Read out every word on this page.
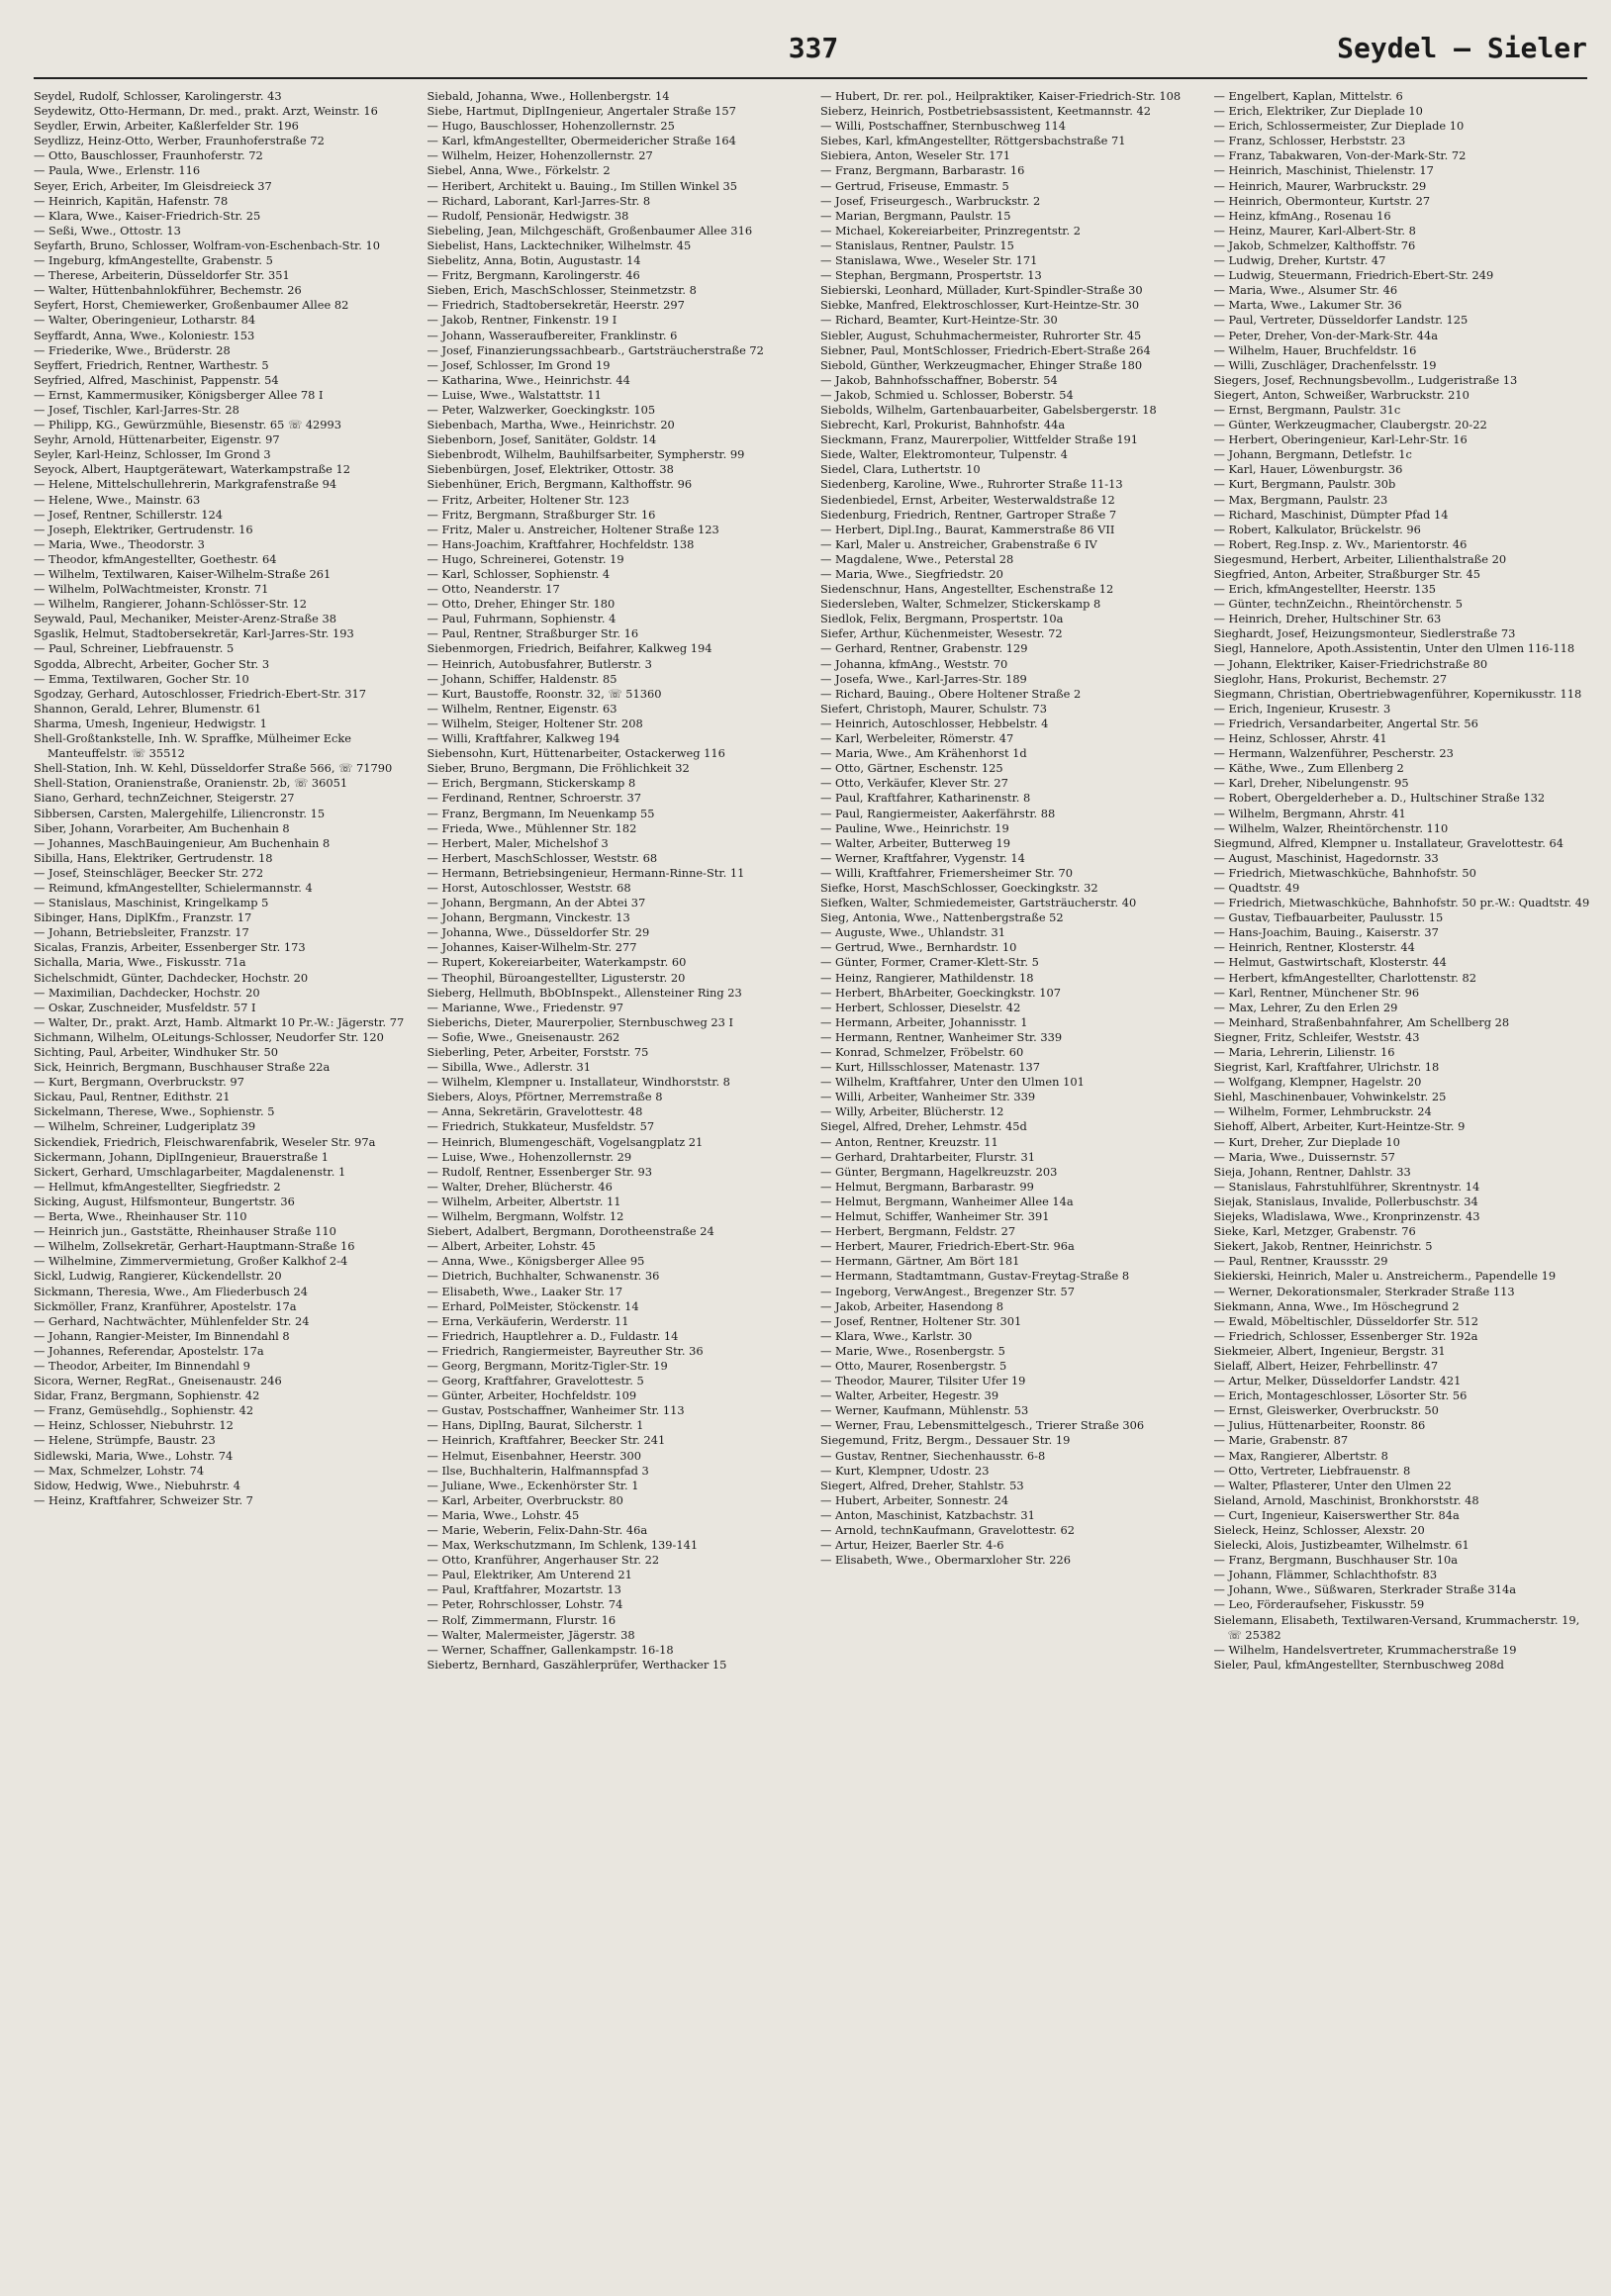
337	Seydel — Sieler
Seydel, Rudolf, Schlosser, Karolingerstr. 43
Seydewitz, Otto-Hermann, Dr. med., prakt. Arzt, Weinstr. 16
Seydler, Erwin, Arbeiter, Kaßlerfelder Str. 196
Seydlizz, Heinz-Otto, Werber, Fraunhoferstraße 72
— Otto, Bauschlosser, Fraunhoferstr. 72
— Paula, Wwe., Erlenstr. 116
Seyer, Erich, Arbeiter, Im Gleisdreieck 37
— Heinrich, Kapitän, Hafenstr. 78
— Klara, Wwe., Kaiser-Friedrich-Str. 25
— Seßi, Wwe., Ottostr. 13
Seyfarth, Bruno, Schlosser, Wolfram-von-Eschenbach-Str. 10
— Ingeburg, kfmAngestellte, Grabenstr. 5
— Therese, Arbeiterin, Düsseldorfer Str. 351
— Walter, Hüttenbahnlokführer, Bechemstr. 26
Seyfert, Horst, Chemiewerker, Großenbaumer Allee 82
— Walter, Oberingenieur, Lotharstr. 84
Seyffardt, Anna, Wwe., Koloniestr. 153
— Friederike, Wwe., Brüderstr. 28
Seyffert, Friedrich, Rentner, Warthestr. 5
Seyfried, Alfred, Maschinist, Pappenstr. 54
— Ernst, Kammermusiker, Königsberger Allee 78 I
— Josef, Tischler, Karl-Jarres-Str. 28
— Philipp, KG., Gewürzmühle, Biesenstr. 65 ☏ 42993
Seyhr, Arnold, Hüttenarbeiter, Eigenstr. 97
Seyler, Karl-Heinz, Schlosser, Im Grond 3
Seyock, Albert, Hauptgerätewart, Waterkampstraße 12
— Helene, Mittelschullehrerin, Markgrafenstraße 94
— Helene, Wwe., Mainstr. 63
— Josef, Rentner, Schillerstr. 124
— Joseph, Elektriker, Gertrudenstr. 16
— Maria, Wwe., Theodorstr. 3
— Theodor, kfmAngestellter, Goethestr. 64
— Wilhelm, Textilwaren, Kaiser-Wilhelm-Straße 261
— Wilhelm, PolWachtmeister, Kronstr. 71
— Wilhelm, Rangierer, Johann-Schlösser-Str. 12
Seywald, Paul, Mechaniker, Meister-Arenz-Straße 38
Sgaslik, Helmut, Stadtobersekretär, Karl-Jarres-Str. 193
— Paul, Schreiner, Liebfrauenstr. 5
Sgodda, Albrecht, Arbeiter, Gocher Str. 3
— Emma, Textilwaren, Gocher Str. 10
Sgodzay, Gerhard, Autoschlosser, Friedrich-Ebert-Str. 317
Shannon, Gerald, Lehrer, Blumenstr. 61
Sharma, Umesh, Ingenieur, Hedwigstr. 1
Shell-Großtankstelle, Inh. W. Spraffke, Mülheimer Ecke Manteuffelstr. ☏ 35512
Shell-Station, Inh. W. Kehl, Düsseldorfer Straße 566, ☏ 71790
Shell-Station, Oranienstraße, Oranienstr. 2b, ☏ 36051
Siano, Gerhard, technZeichner, Steigerstr. 27
Sibbersen, Carsten, Malergehilfe, Liliencronstr. 15
Siber, Johann, Vorarbeiter, Am Buchenhain 8
— Johannes, MaschBauingenieur, Am Buchenhain 8
Sibilla, Hans, Elektriker, Gertrudenstr. 18
— Josef, Steinschläger, Beecker Str. 272
— Reimund, kfmAngestellter, Schielermannstr. 4
— Stanislaus, Maschinist, Kringelkamp 5
Sibinger, Hans, DiplKfm., Franzstr. 17
— Johann, Betriebsleiter, Franzstr. 17
Sicalas, Franzis, Arbeiter, Essenberger Str. 173
Sichalla, Maria, Wwe., Fiskusstr. 71a
Sichelschmidt, Günter, Dachdecker, Hochstr. 20
— Maximilian, Dachdecker, Hochstr. 20
— Oskar, Zuschneider, Musfeldstr. 57 I
— Walter, Dr., prakt. Arzt, Hamb. Altmarkt 10 Pr.-W.: Jägerstr. 77
Sichmann, Wilhelm, OLeitungs-Schlosser, Neudorfer Str. 120
Sichting, Paul, Arbeiter, Windhuker Str. 50
Sick, Heinrich, Bergmann, Buschhauser Straße 22a
— Kurt, Bergmann, Overbruckstr. 97
Sickau, Paul, Rentner, Edithstr. 21
Sickelmann, Therese, Wwe., Sophienstr. 5
— Wilhelm, Schreiner, Ludgeriplatz 39
Sickendiek, Friedrich, Fleischwarenfabrik, Weseler Str. 97a
Sickermann, Johann, DiplIngenieur, Brauerstraße 1
Sickert, Gerhard, Umschlagarbeiter, Magdalenenstr. 1
— Hellmut, kfmAngestellter, Siegfriedstr. 2
Sicking, August, Hilfsmonteur, Bungertstr. 36
— Berta, Wwe., Rheinhauser Str. 110
— Heinrich jun., Gaststätte, Rheinhauser Straße 110
— Wilhelm, Zollsekretär, Gerhart-Hauptmann-Straße 16
— Wilhelmine, Zimmervermietung, Großer Kalkhof 2-4
Sickl, Ludwig, Rangierer, Kückendellstr. 20
Sickmann, Theresia, Wwe., Am Fliederbusch 24
Sickmöller, Franz, Kranführer, Apostelstr. 17a
— Gerhard, Nachtwächter, Mühlenfelder Str. 24
— Johann, Rangier-Meister, Im Binnendahl 8
— Johannes, Referendar, Apostelstr. 17a
— Theodor, Arbeiter, Im Binnendahl 9
Sicora, Werner, RegRat., Gneisenaustr. 246
Sidar, Franz, Bergmann, Sophienstr. 42
— Franz, Gemüsehdlg., Sophienstr. 42
— Heinz, Schlosser, Niebuhrstr. 12
— Helene, Strümpfe, Baustr. 23
Sidlewski, Maria, Wwe., Lohstr. 74
— Max, Schmelzer, Lohstr. 74
Sidow, Hedwig, Wwe., Niebuhrstr. 4
— Heinz, Kraftfahrer, Schweizer Str. 7
Siebald, Johanna, Wwe., Hollenbergstr. 14
Siebe, Hartmut, DiplIngenieur, Angertaler Straße 157
— Hugo, Bauschlosser, Hohenzollernstr. 25
— Karl, kfmAngestellter, Obermeidericher Straße 164
— Wilhelm, Heizer, Hohenzollernstr. 27
Siebel, Anna, Wwe., Förkelstr. 2
— Heribert, Architekt u. Bauing., Im Stillen Winkel 35
— Richard, Laborant, Karl-Jarres-Str. 8
— Rudolf, Pensionär, Hedwigstr. 38
Siebeling, Jean, Milchgeschäft, Großenbaumer Allee 316
Siebelist, Hans, Lacktechniker, Wilhelmstr. 45
Siebelitz, Anna, Botin, Augustastr. 14
— Fritz, Bergmann, Karolingerstr. 46
Sieben, Erich, MaschSchlosser, Steinmetzstr. 8
— Friedrich, Stadtobersekretär, Heerstr. 297
— Jakob, Rentner, Finkenstr. 19 I
— Johann, Wasseraufbereiter, Franklinstr. 6
— Josef, Finanzierungssachbearb., Gartsträucherstraße 72
— Josef, Schlosser, Im Grond 19
— Katharina, Wwe., Heinrichstr. 44
— Luise, Wwe., Walstattstr. 11
— Peter, Walzwerker, Goeckingkstr. 105
Siebenbach, Martha, Wwe., Heinrichstr. 20
Siebenborn, Josef, Sanitäter, Goldstr. 14
Siebenbrodt, Wilhelm, Bauhilfsarbeiter, Sympherstr. 99
Siebenbürgen, Josef, Elektriker, Ottostr. 38
Siebenhüner, Erich, Bergmann, Kalthoffstr. 96
— Fritz, Arbeiter, Holtener Str. 123
— Fritz, Bergmann, Straßburger Str. 16
— Fritz, Maler u. Anstreicher, Holtener Straße 123
— Hans-Joachim, Kraftfahrer, Hochfeldstr. 138
— Hugo, Schreinerei, Gotenstr. 19
— Karl, Schlosser, Sophienstr. 4
— Otto, Neanderstr. 17
— Otto, Dreher, Ehinger Str. 180
— Paul, Fuhrmann, Sophienstr. 4
— Paul, Rentner, Straßburger Str. 16
Siebenmorgen, Friedrich, Beifahrer, Kalkweg 194
— Heinrich, Autobusfahrer, Butlerstr. 3
— Johann, Schiffer, Haldenstr. 85
— Kurt, Baustoffe, Roonstr. 32, ☏ 51360
— Wilhelm, Rentner, Eigenstr. 63
— Wilhelm, Steiger, Holtener Str. 208
— Willi, Kraftfahrer, Kalkweg 194
Siebensohn, Kurt, Hüttenarbeiter, Ostackerweg 116
Sieber, Bruno, Bergmann, Die Fröhlichkeit 32
— Erich, Bergmann, Stickerskamp 8
— Ferdinand, Rentner, Schroerstr. 37
— Franz, Bergmann, Im Neuenkamp 55
— Frieda, Wwe., Mühlenner Str. 182
— Herbert, Maler, Michelshof 3
— Herbert, MaschSchlosser, Weststr. 68
— Hermann, Betriebsingenieur, Hermann-Rinne-Str. 11
— Horst, Autoschlosser, Weststr. 68
— Johann, Bergmann, An der Abtei 37
— Johann, Bergmann, Vinckestr. 13
— Johanna, Wwe., Düsseldorfer Str. 29
— Johannes, Kaiser-Wilhelm-Str. 277
— Rupert, Kokereiarbeiter, Waterkampstr. 60
— Theophil, Büroangestellter, Ligusterstr. 20
Sieberg, Hellmuth, BbObInspekt., Allensteiner Ring 23
— Marianne, Wwe., Friedenstr. 97
Sieberichs, Dieter, Maurerpolier, Sternbuschweg 23 I
— Sofie, Wwe., Gneisenaustr. 262
Sieberling, Peter, Arbeiter, Forststr. 75
— Sibilla, Wwe., Adlerstr. 31
— Wilhelm, Klempner u. Installateur, Windhorststr. 8
Siebers, Aloys, Pförtner, Merremstraße 8
— Anna, Sekretärin, Gravelottestr. 48
— Friedrich, Stukkateur, Musfeldstr. 57
— Heinrich, Blumengeschäft, Vogelsangplatz 21
— Luise, Wwe., Hohenzollernstr. 29
— Rudolf, Rentner, Essenberger Str. 93
— Walter, Dreher, Blücherstr. 46
— Wilhelm, Arbeiter, Albertstr. 11
— Wilhelm, Bergmann, Wolfstr. 12
Siebert, Adalbert, Bergmann, Dorotheenstraße 24
— Albert, Arbeiter, Lohstr. 45
— Anna, Wwe., Königsberger Allee 95
— Dietrich, Buchhalter, Schwanenstr. 36
— Elisabeth, Wwe., Laaker Str. 17
— Erhard, PolMeister, Stöckenstr. 14
— Erna, Verkäuferin, Werderstr. 11
— Friedrich, Hauptlehrer a. D., Fuldastr. 14
— Friedrich, Rangiermeister, Bayreuther Str. 36
— Georg, Bergmann, Moritz-Tigler-Str. 19
— Georg, Kraftfahrer, Gravelottestr. 5
— Günter, Arbeiter, Hochfeldstr. 109
— Gustav, Postschaffner, Wanheimer Str. 113
— Hans, DiplIng, Baurat, Silcherstr. 1
— Heinrich, Kraftfahrer, Beecker Str. 241
— Helmut, Eisenbahner, Heerstr. 300
— Ilse, Buchhalterin, Halfmannspfad 3
— Juliane, Wwe., Eckenhörster Str. 1
— Karl, Arbeiter, Overbruckstr. 80
— Maria, Wwe., Lohstr. 45
— Marie, Weberin, Felix-Dahn-Str. 46a
— Max, Werkschutzmann, Im Schlenk, 139-141
— Otto, Kranführer, Angerhauser Str. 22
— Paul, Elektriker, Am Unterend 21
— Paul, Kraftfahrer, Mozartstr. 13
— Peter, Rohrschlosser, Lohstr. 74
— Rolf, Zimmermann, Flurstr. 16
— Walter, Malermeister, Jägerstr. 38
— Werner, Schaffner, Gallenkampstr. 16-18
Siebertz, Bernhard, Gaszählerprüfer, Werthacker 15
— Hubert, Dr. rer. pol., Heilpraktiker, Kaiser-Friedrich-Str. 108
Sieberz, Heinrich, Postbetriebsassistent, Keetmannstr. 42
— Willi, Postschaffner, Sternbuschweg 114
Siebes, Karl, kfmAngestellter, Röttgersbachstraße 71
Siebiera, Anton, Weseler Str. 171
— Franz, Bergmann, Barbarastr. 16
— Gertrud, Friseuse, Emmastr. 5
— Josef, Friseurgesch., Warbruckstr. 2
— Marian, Bergmann, Paulstr. 15
— Michael, Kokereiarbeiter, Prinzregentstr. 2
— Stanislaus, Rentner, Paulstr. 15
— Stanislawa, Wwe., Weseler Str. 171
— Stephan, Bergmann, Prospertstr. 13
Siebierski, Leonhard, Müllader, Kurt-Spindler-Straße 30
Siebke, Manfred, Elektroschlosser, Kurt-Heintze-Str. 30
— Richard, Beamter, Kurt-Heintze-Str. 30
Siebler, August, Schuhmachermeister, Ruhrorter Str. 45
Siebner, Paul, MontSchlosser, Friedrich-Ebert-Straße 264
Siebold, Günther, Werkzeugmacher, Ehinger Straße 180
— Jakob, Bahnhofsschaffner, Boberstr. 54
— Jakob, Schmied u. Schlosser, Boberstr. 54
Siebolds, Wilhelm, Gartenbauarbeiter, Gabelsbergerstr. 18
Siebrecht, Karl, Prokurist, Bahnhofstr. 44a
Sieckmann, Franz, Maurerpolier, Wittfelder Straße 191
Siede, Walter, Elektromonteur, Tulpenstr. 4
Siedel, Clara, Luthertstr. 10
Siedenberg, Karoline, Wwe., Ruhrorter Straße 11-13
Siedenbiedel, Ernst, Arbeiter, Westerwaldstraße 12
Siedenburg, Friedrich, Rentner, Gartroper Straße 7
— Herbert, Dipl.Ing., Baurat, Kammerstraße 86 VII
— Karl, Maler u. Anstreicher, Grabenstraße 6 IV
— Magdalene, Wwe., Peterstal 28
— Maria, Wwe., Siegfriedstr. 20
Siedenschnur, Hans, Angestellter, Eschenstraße 12
Siedersleben, Walter, Schmelzer, Stickerskamp 8
Siedlok, Felix, Bergmann, Prospertstr. 10a
Siefer, Arthur, Küchenmeister, Wesestr. 72
— Gerhard, Rentner, Grabenstr. 129
— Johanna, kfmAng., Weststr. 70
— Josefa, Wwe., Karl-Jarres-Str. 189
— Richard, Bauing., Obere Holtener Straße 2
Siefert, Christoph, Maurer, Schulstr. 73
— Heinrich, Autoschlosser, Hebbelstr. 4
— Karl, Werbeleiter, Römerstr. 47
— Maria, Wwe., Am Krähenhorst 1d
— Otto, Gärtner, Eschenstr. 125
— Otto, Verkäufer, Klever Str. 27
— Paul, Kraftfahrer, Katharinenstr. 8
— Paul, Rangiermeister, Aakerfährstr. 88
— Pauline, Wwe., Heinrichstr. 19
— Walter, Arbeiter, Butterweg 19
— Werner, Kraftfahrer, Vygenstr. 14
— Willi, Kraftfahrer, Friemersheimer Str. 70
Siefke, Horst, MaschSchlosser, Goeckingkstr. 32
Siefken, Walter, Schmiedemeister, Gartsträucherstr. 40
Sieg, Antonia, Wwe., Nattenbergstraße 52
— Auguste, Wwe., Uhlandstr. 31
— Gertrud, Wwe., Bernhardstr. 10
— Günter, Former, Cramer-Klett-Str. 5
— Heinz, Rangierer, Mathildenstr. 18
— Herbert, BhArbeiter, Goeckingkstr. 107
— Herbert, Schlosser, Dieselstr. 42
— Hermann, Arbeiter, Johannisstr. 1
— Hermann, Rentner, Wanheimer Str. 339
— Konrad, Schmelzer, Fröbelstr. 60
— Kurt, Hillsschlosser, Matenastr. 137
— Wilhelm, Kraftfahrer, Unter den Ulmen 101
— Willi, Arbeiter, Wanheimer Str. 339
— Willy, Arbeiter, Blücherstr. 12
Siegel, Alfred, Dreher, Lehmstr. 45d
— Anton, Rentner, Kreuzstr. 11
— Gerhard, Drahtarbeiter, Flurstr. 31
— Günter, Bergmann, Hagelkreuzstr. 203
— Helmut, Bergmann, Barbarastr. 99
— Helmut, Bergmann, Wanheimer Allee 14a
— Helmut, Schiffer, Wanheimer Str. 391
— Herbert, Bergmann, Feldstr. 27
— Herbert, Maurer, Friedrich-Ebert-Str. 96a
— Hermann, Gärtner, Am Bört 181
— Hermann, Stadtamtmann, Gustav-Freytag-Straße 8
— Ingeborg, VerwAngest., Bregenzer Str. 57
— Jakob, Arbeiter, Hasendong 8
— Josef, Rentner, Holtener Str. 301
— Klara, Wwe., Karlstr. 30
— Marie, Wwe., Rosenbergstr. 5
— Otto, Maurer, Rosenbergstr. 5
— Theodor, Maurer, Tilsiter Ufer 19
— Walter, Arbeiter, Hegestr. 39
— Werner, Kaufmann, Mühlenstr. 53
— Werner, Frau, Lebensmittelgesch., Trierer Straße 306
Siegemund, Fritz, Bergm., Dessauer Str. 19
— Gustav, Rentner, Siechenhausstr. 6-8
— Kurt, Klempner, Udostr. 23
Siegert, Alfred, Dreher, Stahlstr. 53
— Hubert, Arbeiter, Sonnestr. 24
— Anton, Maschinist, Katzbachstr. 31
— Arnold, technKaufmann, Gravelottestr. 62
— Artur, Heizer, Baerler Str. 4-6
— Elisabeth, Wwe., Obermarxloher Str. 226
— Engelbert, Kaplan, Mittelstr. 6
— Erich, Elektriker, Zur Dieplade 10
— Erich, Schlossermeister, Zur Dieplade 10
— Franz, Schlosser, Herbststr. 23
— Franz, Tabakwaren, Von-der-Mark-Str. 72
— Heinrich, Maschinist, Thielenstr. 17
— Heinrich, Maurer, Warbruckstr. 29
— Heinrich, Obermonteur, Kurtstr. 27
— Heinz, kfmAng., Rosenau 16
— Heinz, Maurer, Karl-Albert-Str. 8
— Jakob, Schmelzer, Kalthoffstr. 76
— Ludwig, Dreher, Kurtstr. 47
— Ludwig, Steuermann, Friedrich-Ebert-Str. 249
— Maria, Wwe., Alsumer Str. 46
— Marta, Wwe., Lakumer Str. 36
— Paul, Vertreter, Düsseldorfer Landstr. 125
— Peter, Dreher, Von-der-Mark-Str. 44a
— Wilhelm, Hauer, Bruchfeldstr. 16
— Willi, Zuschläger, Drachenfelsstr. 19
Siegers, Josef, Rechnungsbevollm., Ludgeristraße 13
Siegert, Anton, Schweißer, Warbruckstr. 210
— Ernst, Bergmann, Paulstr. 31c
— Günter, Werkzeugmacher, Claubergstr. 20-22
— Herbert, Oberingenieur, Karl-Lehr-Str. 16
— Johann, Bergmann, Detlefstr. 1c
— Karl, Hauer, Löwenburgstr. 36
— Kurt, Bergmann, Paulstr. 30b
— Max, Bergmann, Paulstr. 23
— Richard, Maschinist, Dümpter Pfad 14
— Robert, Kalkulator, Brückelstr. 96
— Robert, Reg.Insp. z. Wv., Marientorstr. 46
Siegesmund, Herbert, Arbeiter, Lilienthalstraße 20
Siegfried, Anton, Arbeiter, Straßburger Str. 45
— Erich, kfmAngestellter, Heerstr. 135
— Günter, technZeichn., Rheintörchenstr. 5
— Heinrich, Dreher, Hultschiner Str. 63
Sieghardt, Josef, Heizungsmonteur, Siedlerstraße 73
Siegl, Hannelore, Apoth.Assistentin, Unter den Ulmen 116-118
— Johann, Elektriker, Kaiser-Friedrichstraße 80
Sieglohr, Hans, Prokurist, Bechemstr. 27
Siegmann, Christian, Obertriebwagenführer, Kopernikusstr. 118
— Erich, Ingenieur, Krusestr. 3
— Friedrich, Versandarbeiter, Angertal Str. 56
— Heinz, Schlosser, Ahrstr. 41
— Hermann, Walzenführer, Pescherstr. 23
— Käthe, Wwe., Zum Ellenberg 2
— Karl, Dreher, Nibelungenstr. 95
— Robert, Obergelderheber a. D., Hultschiner Straße 132
— Wilhelm, Bergmann, Ahrstr. 41
— Wilhelm, Walzer, Rheintörchenstr. 110
Siegmund, Alfred, Klempner u. Installateur, Gravelottestr. 64
— August, Maschinist, Hagedornstr. 33
— Friedrich, Mietwaschküche, Bahnhofstr. 50
— Quadtstr. 49
— Friedrich, Mietwaschküche, Bahnhofstr. 50 pr.-W.: Quadtstr. 49
— Gustav, Tiefbauarbeiter, Paulusstr. 15
— Hans-Joachim, Bauing., Kaiserstr. 37
— Heinrich, Rentner, Klosterstr. 44
— Helmut, Gastwirtschaft, Klosterstr. 44
— Herbert, kfmAngestellter, Charlottenstr. 82
— Karl, Rentner, Münchener Str. 96
— Max, Lehrer, Zu den Erlen 29
— Meinhard, Straßenbahnfahrer, Am Schellberg 28
Siegner, Fritz, Schleifer, Weststr. 43
— Maria, Lehrerin, Lilienstr. 16
Siegrist, Karl, Kraftfahrer, Ulrichstr. 18
— Wolfgang, Klempner, Hagelstr. 20
Siehl, Maschinenbauer, Vohwinkelstr. 25
— Wilhelm, Former, Lehmbruckstr. 24
Siehoff, Albert, Arbeiter, Kurt-Heintze-Str. 9
— Kurt, Dreher, Zur Dieplade 10
— Maria, Wwe., Duissernstr. 57
Sieja, Johann, Rentner, Dahlstr. 33
— Stanislaus, Fahrstuhlführer, Skrentnystr. 14
Siejak, Stanislaus, Invalide, Pollerbuschstr. 34
Siejeks, Wladislawa, Wwe., Kronprinzenstr. 43
Sieke, Karl, Metzger, Grabenstr. 76
Siekert, Jakob, Rentner, Heinrichstr. 5
— Paul, Rentner, Kraussstr. 29
Siekierski, Heinrich, Maler u. Anstreicherm., Papendelle 19
— Werner, Dekorationsmaler, Sterkrader Straße 113
Siekmann, Anna, Wwe., Im Höschegrund 2
— Ewald, Möbeltischler, Düsseldorfer Str. 512
— Friedrich, Schlosser, Essenberger Str. 192a
Siekmeier, Albert, Ingenieur, Bergstr. 31
Sielaff, Albert, Heizer, Fehrbellinstr. 47
— Artur, Melker, Düsseldorfer Landstr. 421
— Erich, Montageschlosser, Lösorter Str. 56
— Ernst, Gleiswerker, Overbruckstr. 50
— Julius, Hüttenarbeiter, Roonstr. 86
— Marie, Grabenstr. 87
— Max, Rangierer, Albertstr. 8
— Otto, Vertreter, Liebfrauenstr. 8
— Walter, Pflasterer, Unter den Ulmen 22
Sieland, Arnold, Maschinist, Bronkhorststr. 48
— Curt, Ingenieur, Kaiserswerther Str. 84a
Sieleck, Heinz, Schlosser, Alexstr. 20
Sielecki, Alois, Justizbeamter, Wilhelmstr. 61
— Franz, Bergmann, Buschhauser Str. 10a
— Johann, Flämmer, Schlachthofstr. 83
— Johann, Wwe., Süßwaren, Sterkrader Straße 314a
— Leo, Förderaufseher, Fiskusstr. 59
Sielemann, Elisabeth, Textilwaren-Versand, Krummacherstr. 19, ☏ 25382
— Wilhelm, Handelsvertreter, Krummacherstraße 19
Sieler, Paul, kfmAngestellter, Sternbuschweg 208d
